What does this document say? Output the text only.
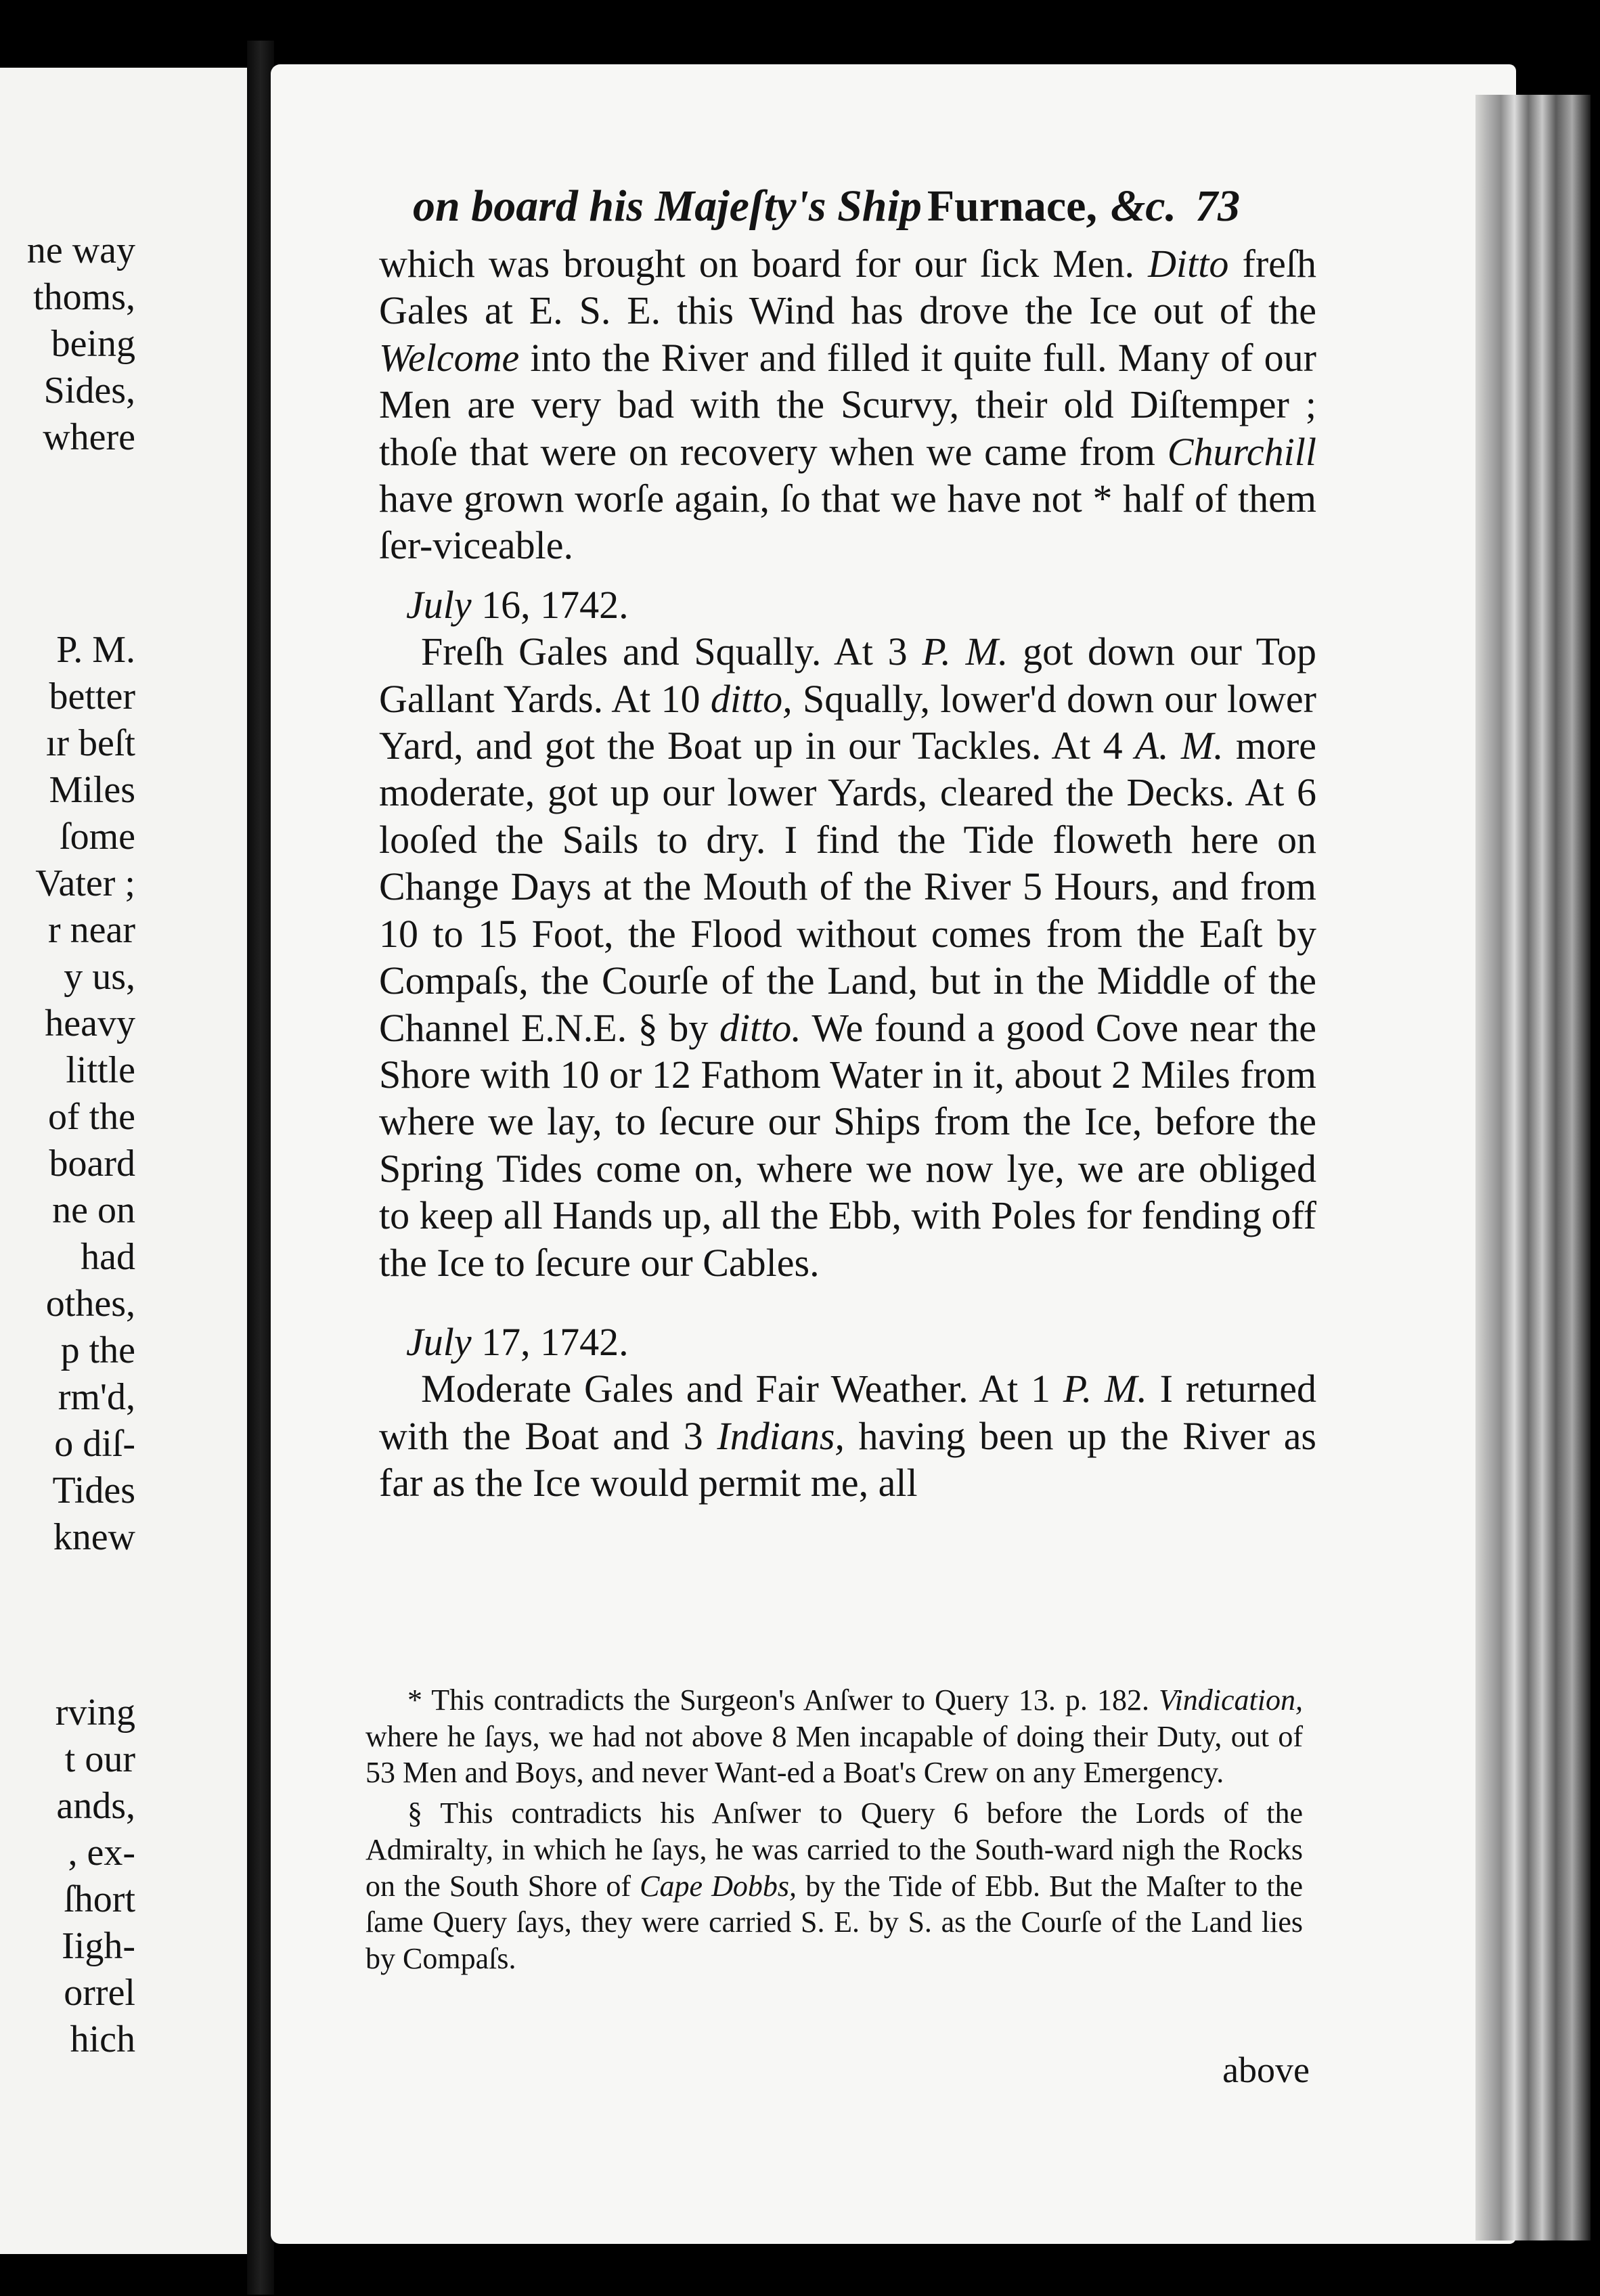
ne way

thoms,

being

Sides,

where

P. M.

better

ır beſt

Miles

ſome

Vater ;

r near

y us,

heavy

little

of the

board

ne on

had

othes,

p the

rm'd,

o diſ-

Tides

knew

rving

t our

ands,

, ex-

ſhort

Iigh-

orrel

hich

on board his Majeſty's Ship Furnace, &c. 73

which was brought on board for our ſick Men. Ditto freſh Gales at E. S. E. this Wind has drove the Ice out of the Welcome into the River and filled it quite full. Many of our Men are very bad with the Scurvy, their old Diſtemper ; thoſe that were on recovery when we came from Churchill have grown worſe again, ſo that we have not * half of them ſer-viceable.

July 16, 1742.

Freſh Gales and Squally. At 3 P. M. got down our Top Gallant Yards. At 10 ditto, Squally, lower'd down our lower Yard, and got the Boat up in our Tackles. At 4 A. M. more moderate, got up our lower Yards, cleared the Decks. At 6 looſed the Sails to dry. I find the Tide floweth here on Change Days at the Mouth of the River 5 Hours, and from 10 to 15 Foot, the Flood without comes from the Eaſt by Compaſs, the Courſe of the Land, but in the Middle of the Channel E.N.E. § by ditto. We found a good Cove near the Shore with 10 or 12 Fathom Water in it, about 2 Miles from where we lay, to ſecure our Ships from the Ice, before the Spring Tides come on, where we now lye, we are obliged to keep all Hands up, all the Ebb, with Poles for fending off the Ice to ſecure our Cables.

July 17, 1742.

Moderate Gales and Fair Weather. At 1 P. M. I returned with the Boat and 3 Indians, having been up the River as far as the Ice would permit me, all

* This contradicts the Surgeon's Anſwer to Query 13. p. 182. Vindication, where he ſays, we had not above 8 Men incapable of doing their Duty, out of 53 Men and Boys, and never Want-ed a Boat's Crew on any Emergency.

§ This contradicts his Anſwer to Query 6 before the Lords of the Admiralty, in which he ſays, he was carried to the South-ward nigh the Rocks on the South Shore of Cape Dobbs, by the Tide of Ebb. But the Maſter to the ſame Query ſays, they were carried S. E. by S. as the Courſe of the Land lies by Compaſs.

above
